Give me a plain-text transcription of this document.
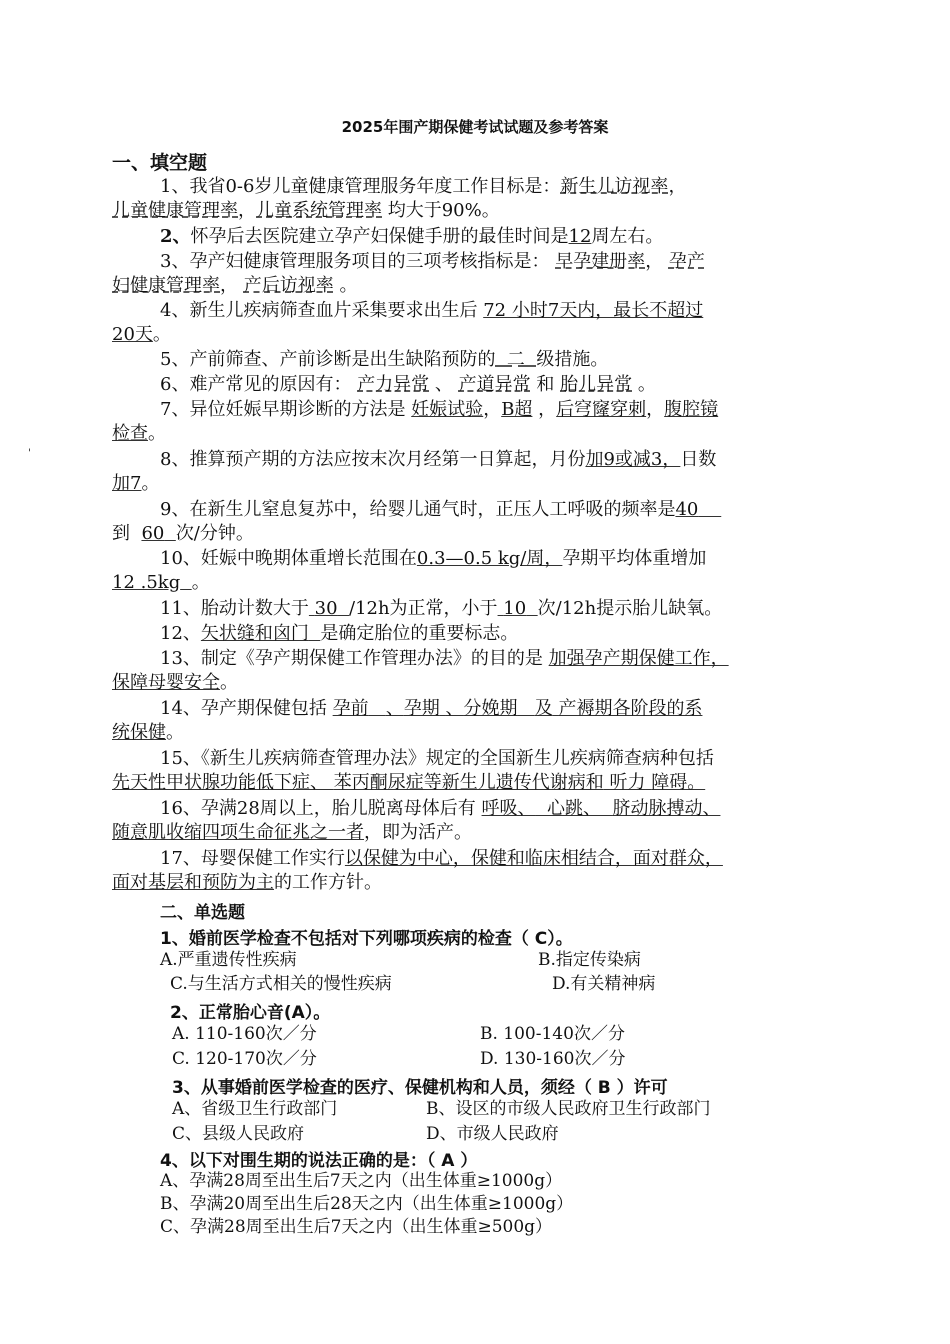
2025年围产期保健考试试题及参考答案
'
一、填空题
1、我省0-6岁儿童健康管理服务年度工作目标是：新生儿访视率，
儿童健康管理率，儿童系统管理率 均大于90%。
2、怀孕后去医院建立孕产妇保健手册的最佳时间是12周左右。
3、孕产妇健康管理服务项目的三项考核指标是： 早孕建册率， 孕产
妇健康管理率， 产后访视率 。
4、新生儿疾病筛查血片采集要求出生后 72 小时7天内，最长不超过
20天。
5、产前筛查、产前诊断是出生缺陷预防的 二 级措施。
6、难产常见的原因有： 产力异常 、 产道异常 和 胎儿异常 。
7、异位妊娠早期诊断的方法是 妊娠试验，B超 ，后穹窿穿刺，腹腔镜
检查。
8、推算预产期的方法应按末次月经第一日算起，月份加9或减3，日数
加7。
9、在新生儿窒息复苏中，给婴儿通气时，正压人工呼吸的频率是40
到 60 次/分钟。
10、妊娠中晚期体重增长范围在0.3—0.5 kg/周，孕期平均体重增加
12 .5kg 。
11、胎动计数大于 30 /12h为正常，小于 10 次/12h提示胎儿缺氧。
12、矢状缝和囟门 是确定胎位的重要标志。
13、制定《孕产期保健工作管理办法》的目的是 加强孕产期保健工作，
保障母婴安全。
14、孕产期保健包括 孕前 、孕期 、分娩期 及 产褥期各阶段的系
统保健。
15、《新生儿疾病筛查管理办法》规定的全国新生儿疾病筛查病种包括
先天性甲状腺功能低下症、 苯丙酮尿症等新生儿遗传代谢病和 听力 障碍。
16、孕满28周以上，胎儿脱离母体后有 呼吸、 心跳、 脐动脉搏动、
随意肌收缩四项生命征兆之一者，即为活产。
17、母婴保健工作实行以保健为中心，保健和临床相结合，面对群众，
面对基层和预防为主的工作方针。
二、单选题
1、婚前医学检查不包括对下列哪项疾病的检查（ C）。
A.严重遗传性疾病	B.指定传染病
C.与生活方式相关的慢性疾病	D.有关精神病
2、正常胎心音(A）。
A. 110-160次／分	B. 100-140次／分
C. 120-170次／分	D. 130-160次／分
3、从事婚前医学检查的医疗、保健机构和人员，须经（ B ）许可
A、省级卫生行政部门	B、设区的市级人民政府卫生行政部门
C、县级人民政府	D、市级人民政府
4、以下对围生期的说法正确的是：（ A ）
A、孕满28周至出生后7天之内（出生体重≥1000g）
B、孕满20周至出生后28天之内（出生体重≥1000g）
C、孕满28周至出生后7天之内（出生体重≥500g）
